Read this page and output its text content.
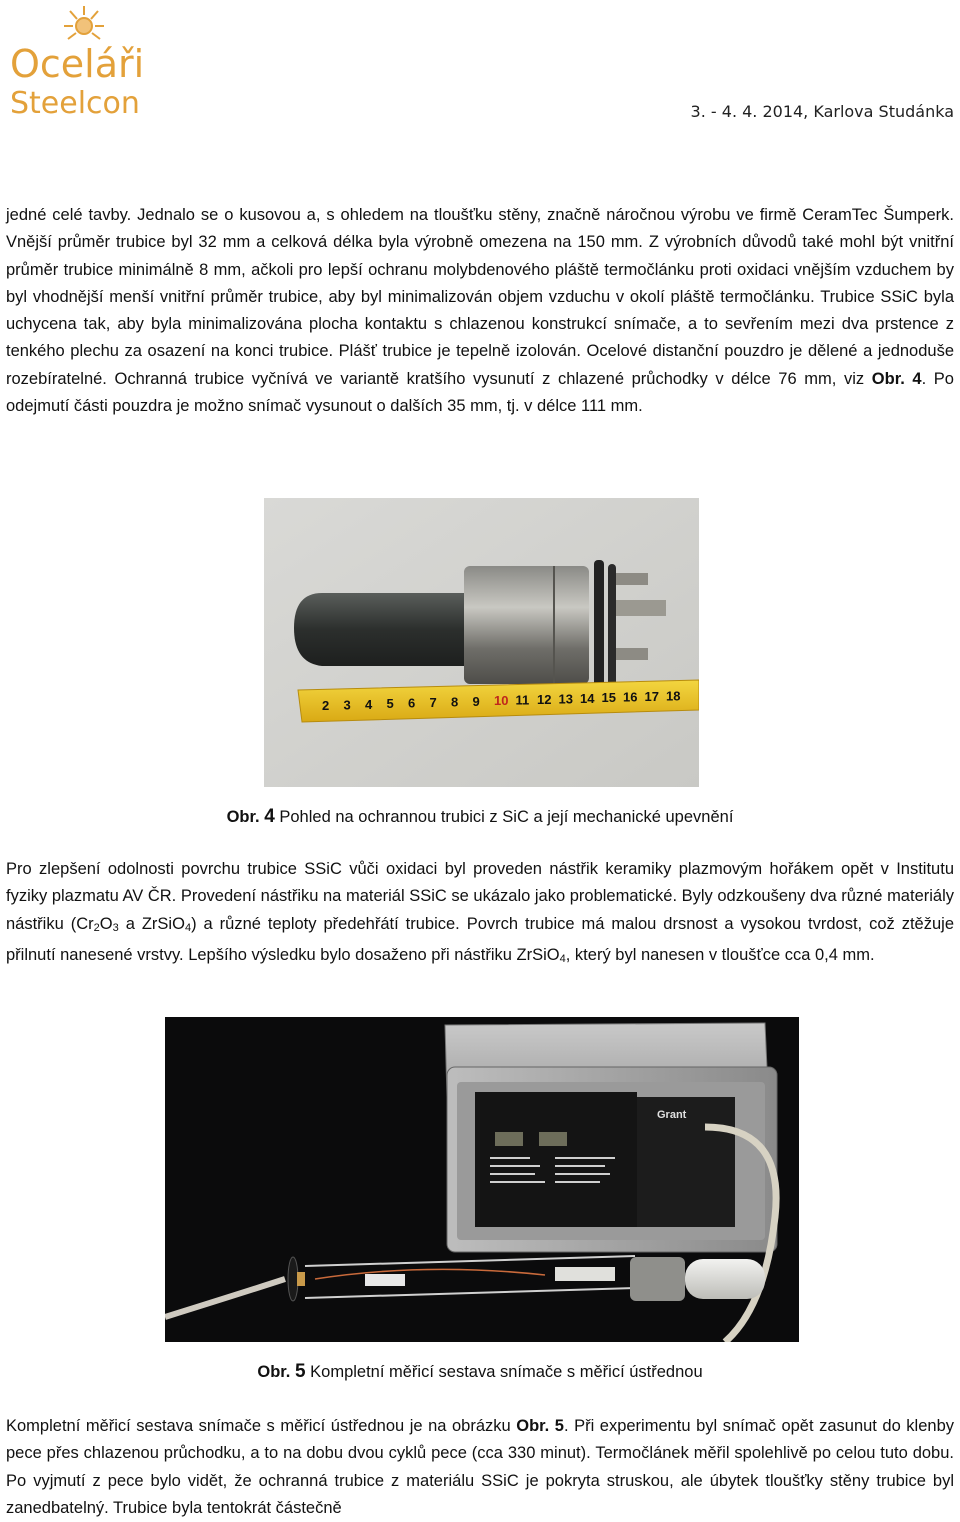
Oceláři
Steelcon	3. - 4. 4. 2014, Karlova Studánka
jedné celé tavby. Jednalo se o kusovou a, s ohledem na tloušťku stěny, značně náročnou výrobu ve firmě CeramTec Šumperk. Vnější průměr trubice byl 32 mm a celková délka byla výrobně omezena na 150 mm. Z výrobních důvodů také mohl být vnitřní průměr trubice minimálně 8 mm, ačkoli pro lepší ochranu molybdenového pláště termočlánku proti oxidaci vnějším vzduchem by byl vhodnější menší vnitřní průměr trubice, aby byl minimalizován objem vzduchu v okolí pláště termočlánku. Trubice SSiC byla uchycena tak, aby byla minimalizována plocha kontaktu s chlazenou konstrukcí snímače, a to sevřením mezi dva prstence z tenkého plechu za osazení na konci trubice. Plášť trubice je tepelně izolován. Ocelové distanční pouzdro je dělené a jednoduše rozebíratelné. Ochranná trubice vyčnívá ve variantě kratšího vysunutí z chlazené průchodky v délce 76 mm, viz Obr. 4. Po odejmutí části pouzdra je možno snímač vysunout o dalších 35 mm, tj. v délce 111 mm.
2 3 4 5 6 7 8 9 10 11 12 13 14 15 16 17 18
Obr. 4 Pohled na ochrannou trubici z SiC a její mechanické upevnění
Pro zlepšení odolnosti povrchu trubice SSiC vůči oxidaci byl proveden nástřik keramiky plazmovým hořákem opět v Institutu fyziky plazmatu AV ČR. Provedení nástřiku na materiál SSiC se ukázalo jako problematické. Byly odzkoušeny dva různé materiály nástřiku ($Cr_2O_3$ a ZrSiO$_4$) a různé teploty předehřátí trubice. Povrch trubice má malou drsnost a vysokou tvrdost, což ztěžuje přilnutí nanesené vrstvy. Lepšího výsledku bylo dosaženo při nástřiku ZrSiO$_4$, který byl nanesen v tloušťce cca 0,4 mm.
Grant
Obr. 5 Kompletní měřicí sestava snímače s měřicí ústřednou
Kompletní měřicí sestava snímače s měřicí ústřednou je na obrázku Obr. 5. Při experimentu byl snímač opět zasunut do klenby pece přes chlazenou průchodku, a to na dobu dvou cyklů pece (cca 330 minut). Termočlánek měřil spolehlivě po celou tuto dobu. Po vyjmutí z pece bylo vidět, že ochranná trubice z materiálu SSiC je pokryta struskou, ale úbytek tloušťky stěny trubice byl zanedbatelný. Trubice byla tentokrát částečně
